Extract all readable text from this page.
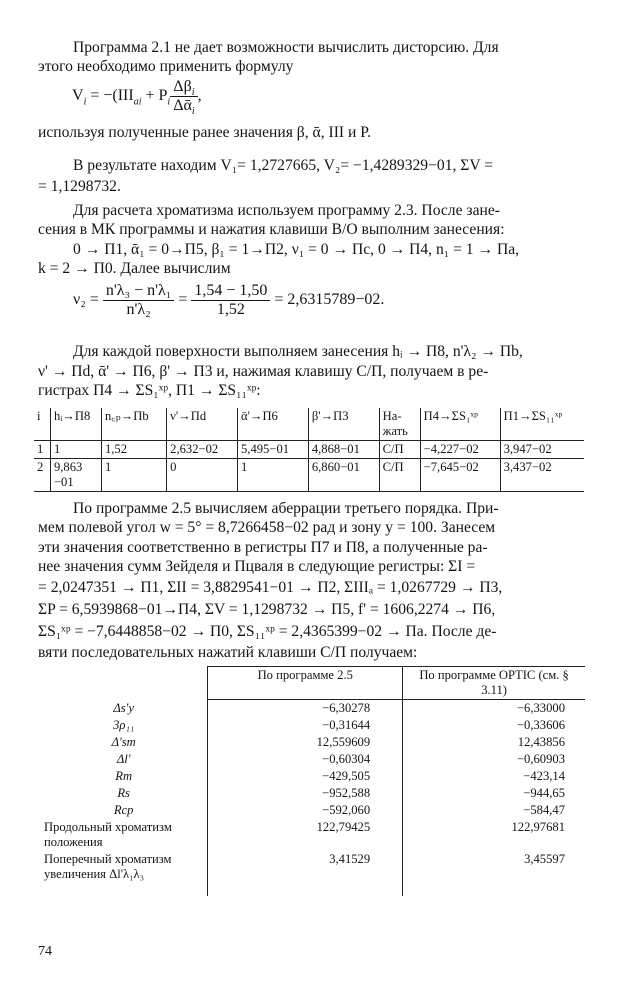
Программа 2.1 не дает возможности вычислить дисторсию. Для
этого необходимо применить формулу
$V_i = -(III_{ai} + P_i \frac{\Delta\beta_i}{\Delta ᾱ_i}$ ,
используя полученные ранее значения β, ᾱ, III и P.
В результате находим V₁= 1,2727665, V₂= −1,4289329−01, ΣV =
= 1,1298732.
Для расчета хроматизма используем программу 2.3. После зане-
сения в МК программы и нажатия клавиши В/О выполним занесения:
0 → П1, ᾱ₁ = 0→П5, β₁ = 1→П2, ν₁ = 0 → Пc, 0 → П4, n₁ = 1 → Пa,
k = 2 → П0. Далее вычислим
$\nu_2 = \frac{\text{n'λ₃ − n'λ₁}}{\text{n'λ₂}} = \frac{1,54 - 1,50}{1,52} = 2,6315789-02$.
Для каждой поверхности выполняем занесения hᵢ → П8, n'λ₂ → Пb,
ν' → Пd, ᾱ' → П6, β' → П3 и, нажимая клавишу С/П, получаем в ре-
гистрах П4 → ΣS₁ˣᵖ, П1 → ΣS₁₁ˣᵖ:
i	hᵢ→П8	n꜀ₚ→Пb	ν'→Пd	ᾱ'→П6	β'→П3	На-жать	П4→ΣS₁ˣᵖ	П1→ΣS₁₁ˣᵖ
1	1	1,52	2,632−02	5,495−01	4,868−01	С/П	−4,227−02	3,947−02
2	9,863 −01	1	0	1	6,860−01	С/П	−7,645−02	3,437−02
По программе 2.5 вычисляем аберрации третьего порядка. При-
мем полевой угол w = 5° = 8,7266458−02 рад и зону y = 100. Занесем
эти значения соответственно в регистры П7 и П8, а полученные ра-
нее значения сумм Зейделя и Пцваля в следующие регистры: ΣI =
= 2,0247351 → П1, ΣII = 3,8829541−01 → П2, ΣIIIₐ = 1,0267729 → П3,
ΣP = 6,5939868−01→П4, ΣV = 1,1298732 → П5, f' = 1606,2274 → П6,
ΣS₁ˣᵖ = −7,6448858−02 → П0, ΣS₁₁ˣᵖ = 2,4365399−02 → Пa. После де-
вяти последовательных нажатий клавиши С/П получаем:
	По программе 2.5	По программе OPTIC (см. § 3.11)
Δs'y	−6,30278	−6,33000
3ρ₁₁	−0,31644	−0,33606
Δ'sm	12,559609	12,43856
Δl'	−0,60304	−0,60903
Rm	−429,505	−423,14
Rs	−952,588	−944,65
Rcp	−592,060	−584,47
Продольный хроматизм положения	122,79425	122,97681
Поперечный хроматизм увеличения Δl'λ₁λ₃	3,41529	3,45597
74
